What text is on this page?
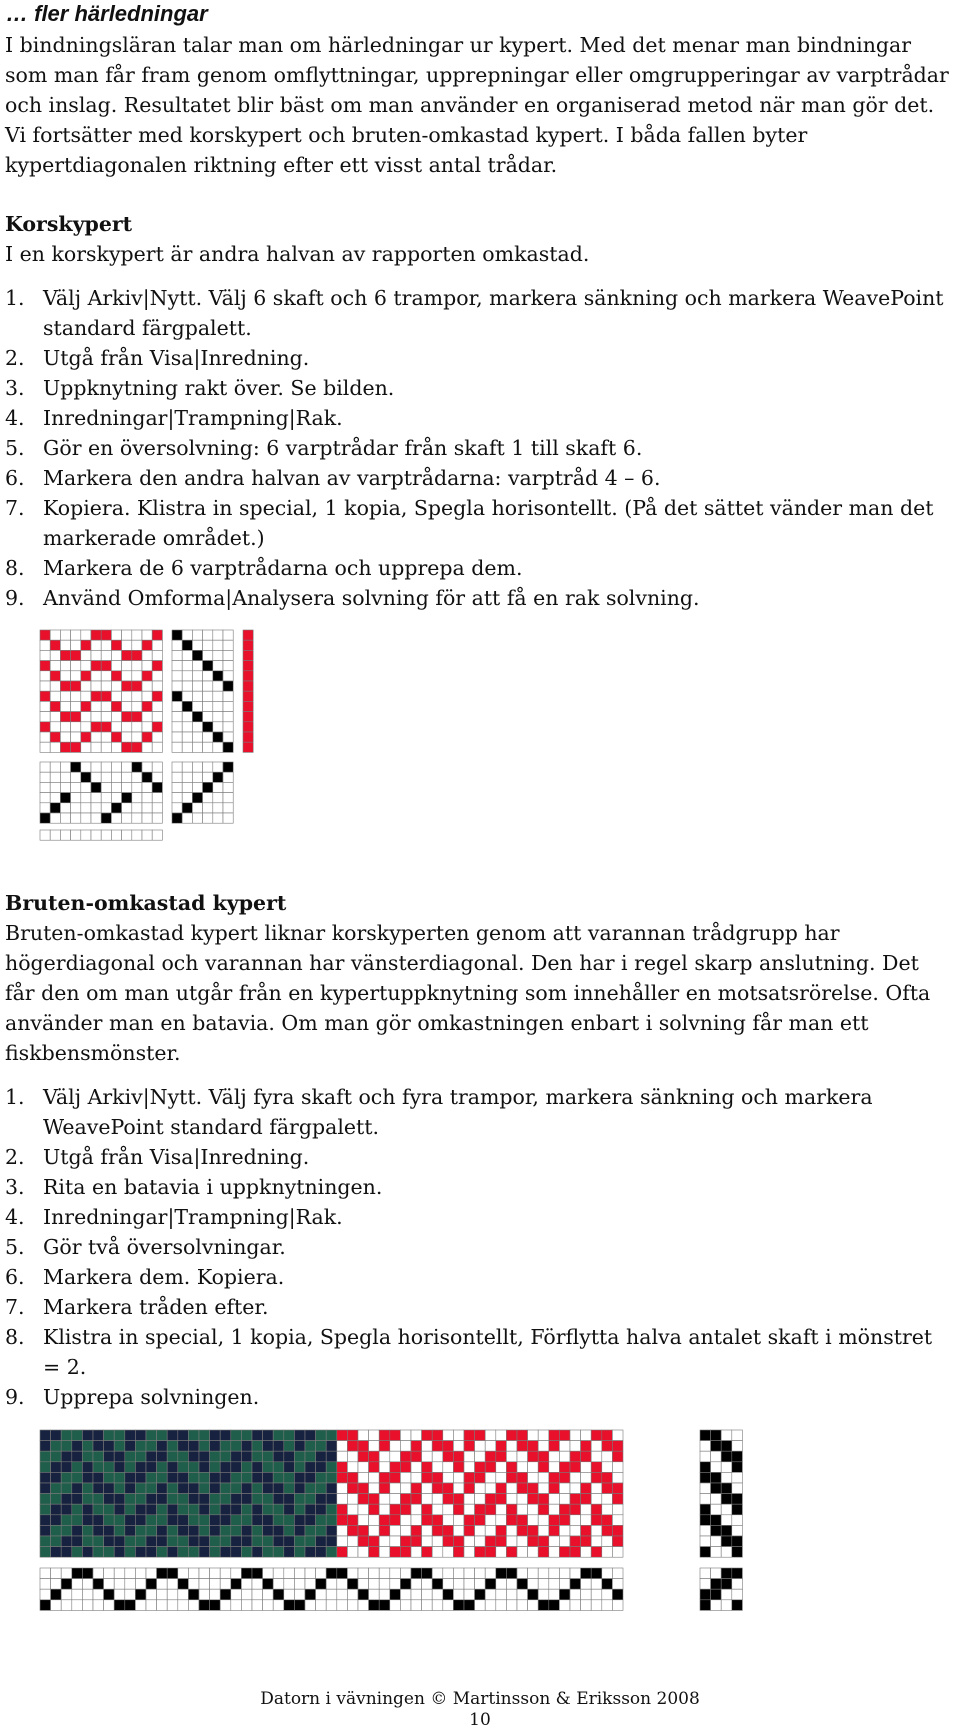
… fler härledningar

I bindningsläran talar man om härledningar ur kypert. Med det menar man bindningar som man får fram genom omflyttningar, upprepningar eller omgrupperingar av varptrådar och inslag. Resultatet blir bäst om man använder en organiserad metod när man gör det. Vi fortsätter med korskypert och bruten-omkastad kypert. I båda fallen byter kypertdiagonalen riktning efter ett visst antal trådar.

Korskypert

I en korskypert är andra halvan av rapporten omkastad.

1. Välj Arkiv|Nytt. Välj 6 skaft och 6 trampor, markera sänkning och markera WeavePoint standard färgpalett.
2. Utgå från Visa|Inredning.
3. Uppknytning rakt över. Se bilden.
4. Inredningar|Trampning|Rak.
5. Gör en översolvning: 6 varptrådar från skaft 1 till skaft 6.
6. Markera den andra halvan av varptrådarna: varptråd 4 – 6.
7. Kopiera. Klistra in special, 1 kopia, Spegla horisontellt. (På det sättet vänder man det markerade området.)
8. Markera de 6 varptrådarna och upprepa dem.
9. Använd Omforma|Analysera solvning för att få en rak solvning.
Bruten-omkastad kypert

Bruten-omkastad kypert liknar korskyperten genom att varannan trådgrupp har högerdiagonal och varannan har vänsterdiagonal. Den har i regel skarp anslutning. Det får den om man utgår från en kypertuppknytning som innehåller en motsatsrörelse. Ofta använder man en batavia. Om man gör omkastningen enbart i solvning får man ett fiskbensmönster.

1. Välj Arkiv|Nytt. Välj fyra skaft och fyra trampor, markera sänkning och markera WeavePoint standard färgpalett.
2. Utgå från Visa|Inredning.
3. Rita en batavia i uppknytningen.
4. Inredningar|Trampning|Rak.
5. Gör två översolvningar.
6. Markera dem. Kopiera.
7. Markera tråden efter.
8. Klistra in special, 1 kopia, Spegla horisontellt, Förflytta halva antalet skaft i mönstret = 2.
9. Upprepa solvningen.
Datorn i vävningen © Martinsson & Eriksson 2008
10
